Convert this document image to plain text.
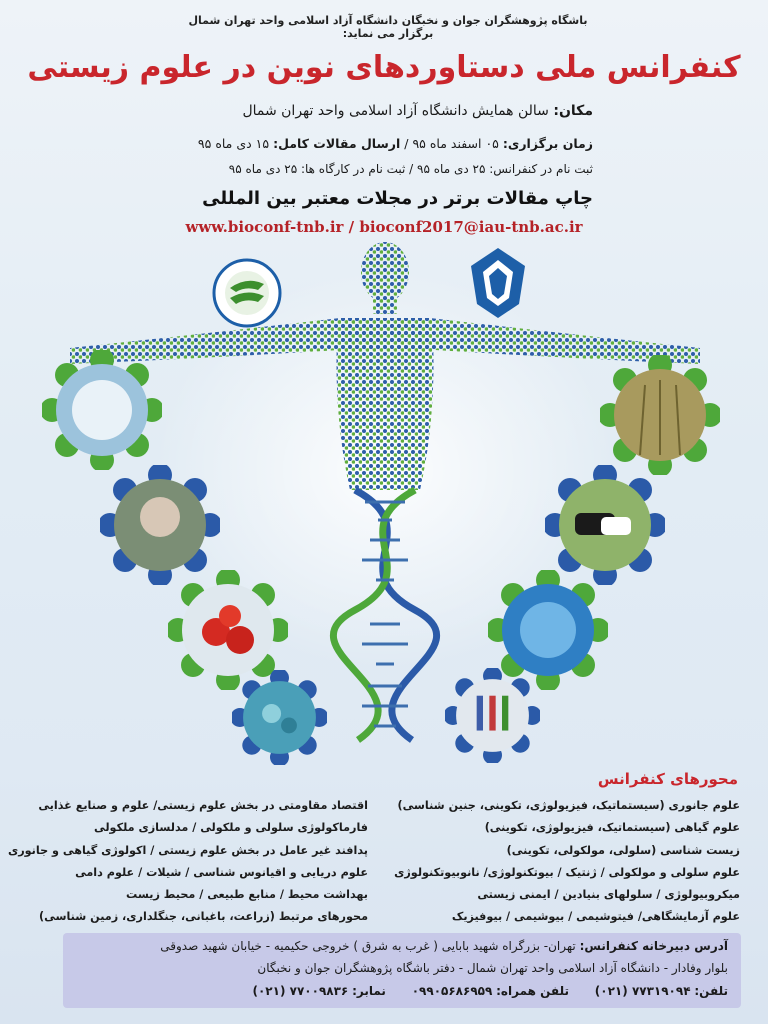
باشگاه پژوهشگران جوان و نخبگان دانشگاه آزاد اسلامی واحد تهران شمال برگزار می نماید:
کنفرانس ملی دستاوردهای نوین در علوم زیستی
مکان: سالن همایش دانشگاه آزاد اسلامی واحد تهران شمال
زمان برگزاری: ۰۵ اسفند ماه ۹۵ / ارسال مقالات کامل: ۱۵ دی ماه ۹۵
ثبت نام در کنفرانس: ۲۵ دی ماه ۹۵ / ثبت نام در کارگاه ها: ۲۵ دی ماه ۹۵
چاپ مقالات برتر در مجلات معتبر بین المللی
www.bioconf-tnb.ir / bioconf2017@iau-tnb.ac.ir
محورهای کنفرانس
علوم جانوری (سیستماتیک، فیزیولوژی، تکوینی، جنین شناسی)
علوم گیاهی (سیستماتیک، فیزیولوژی، تکوینی)
زیست شناسی (سلولی، مولکولی، تکوینی)
علوم سلولی و مولکولی / ژنتیک / بیوتکنولوژی/ نانوبیوتکنولوژی
میکروبیولوژی / سلولهای بنیادین / ایمنی زیستی
علوم آزمایشگاهی/ فیتوشیمی / بیوشیمی / بیوفیزیک
اقتصاد مقاومتی در بخش علوم زیستی/ علوم و صنایع غذایی
فارماکولوژی سلولی و ملکولی / مدلسازی ملکولی
پدافند غیر عامل در بخش علوم زیستی / اکولوژی گیاهی و جانوری
علوم دریایی و اقیانوس شناسی / شیلات / علوم دامی
بهداشت محیط / منابع طبیعی / محیط زیست
محورهای مرتبط (زراعت، باغبانی، جنگلداری، زمین شناسی)
آدرس دبیرخانه کنفرانس: تهران- بزرگراه شهید بابایی ( غرب به شرق ) خروجی حکیمیه - خیابان شهید صدوقی
بلوار وفادار - دانشگاه آزاد اسلامی واحد تهران شمال - دفتر باشگاه پژوهشگران جوان و نخبگان
تلفن: ۷۷۳۱۹۰۹۴ (۰۲۱) تلفن همراه: ۰۹۹۰۵۶۸۶۹۵۹ نمابر: ۷۷۰۰۹۸۳۶ (۰۲۱)
